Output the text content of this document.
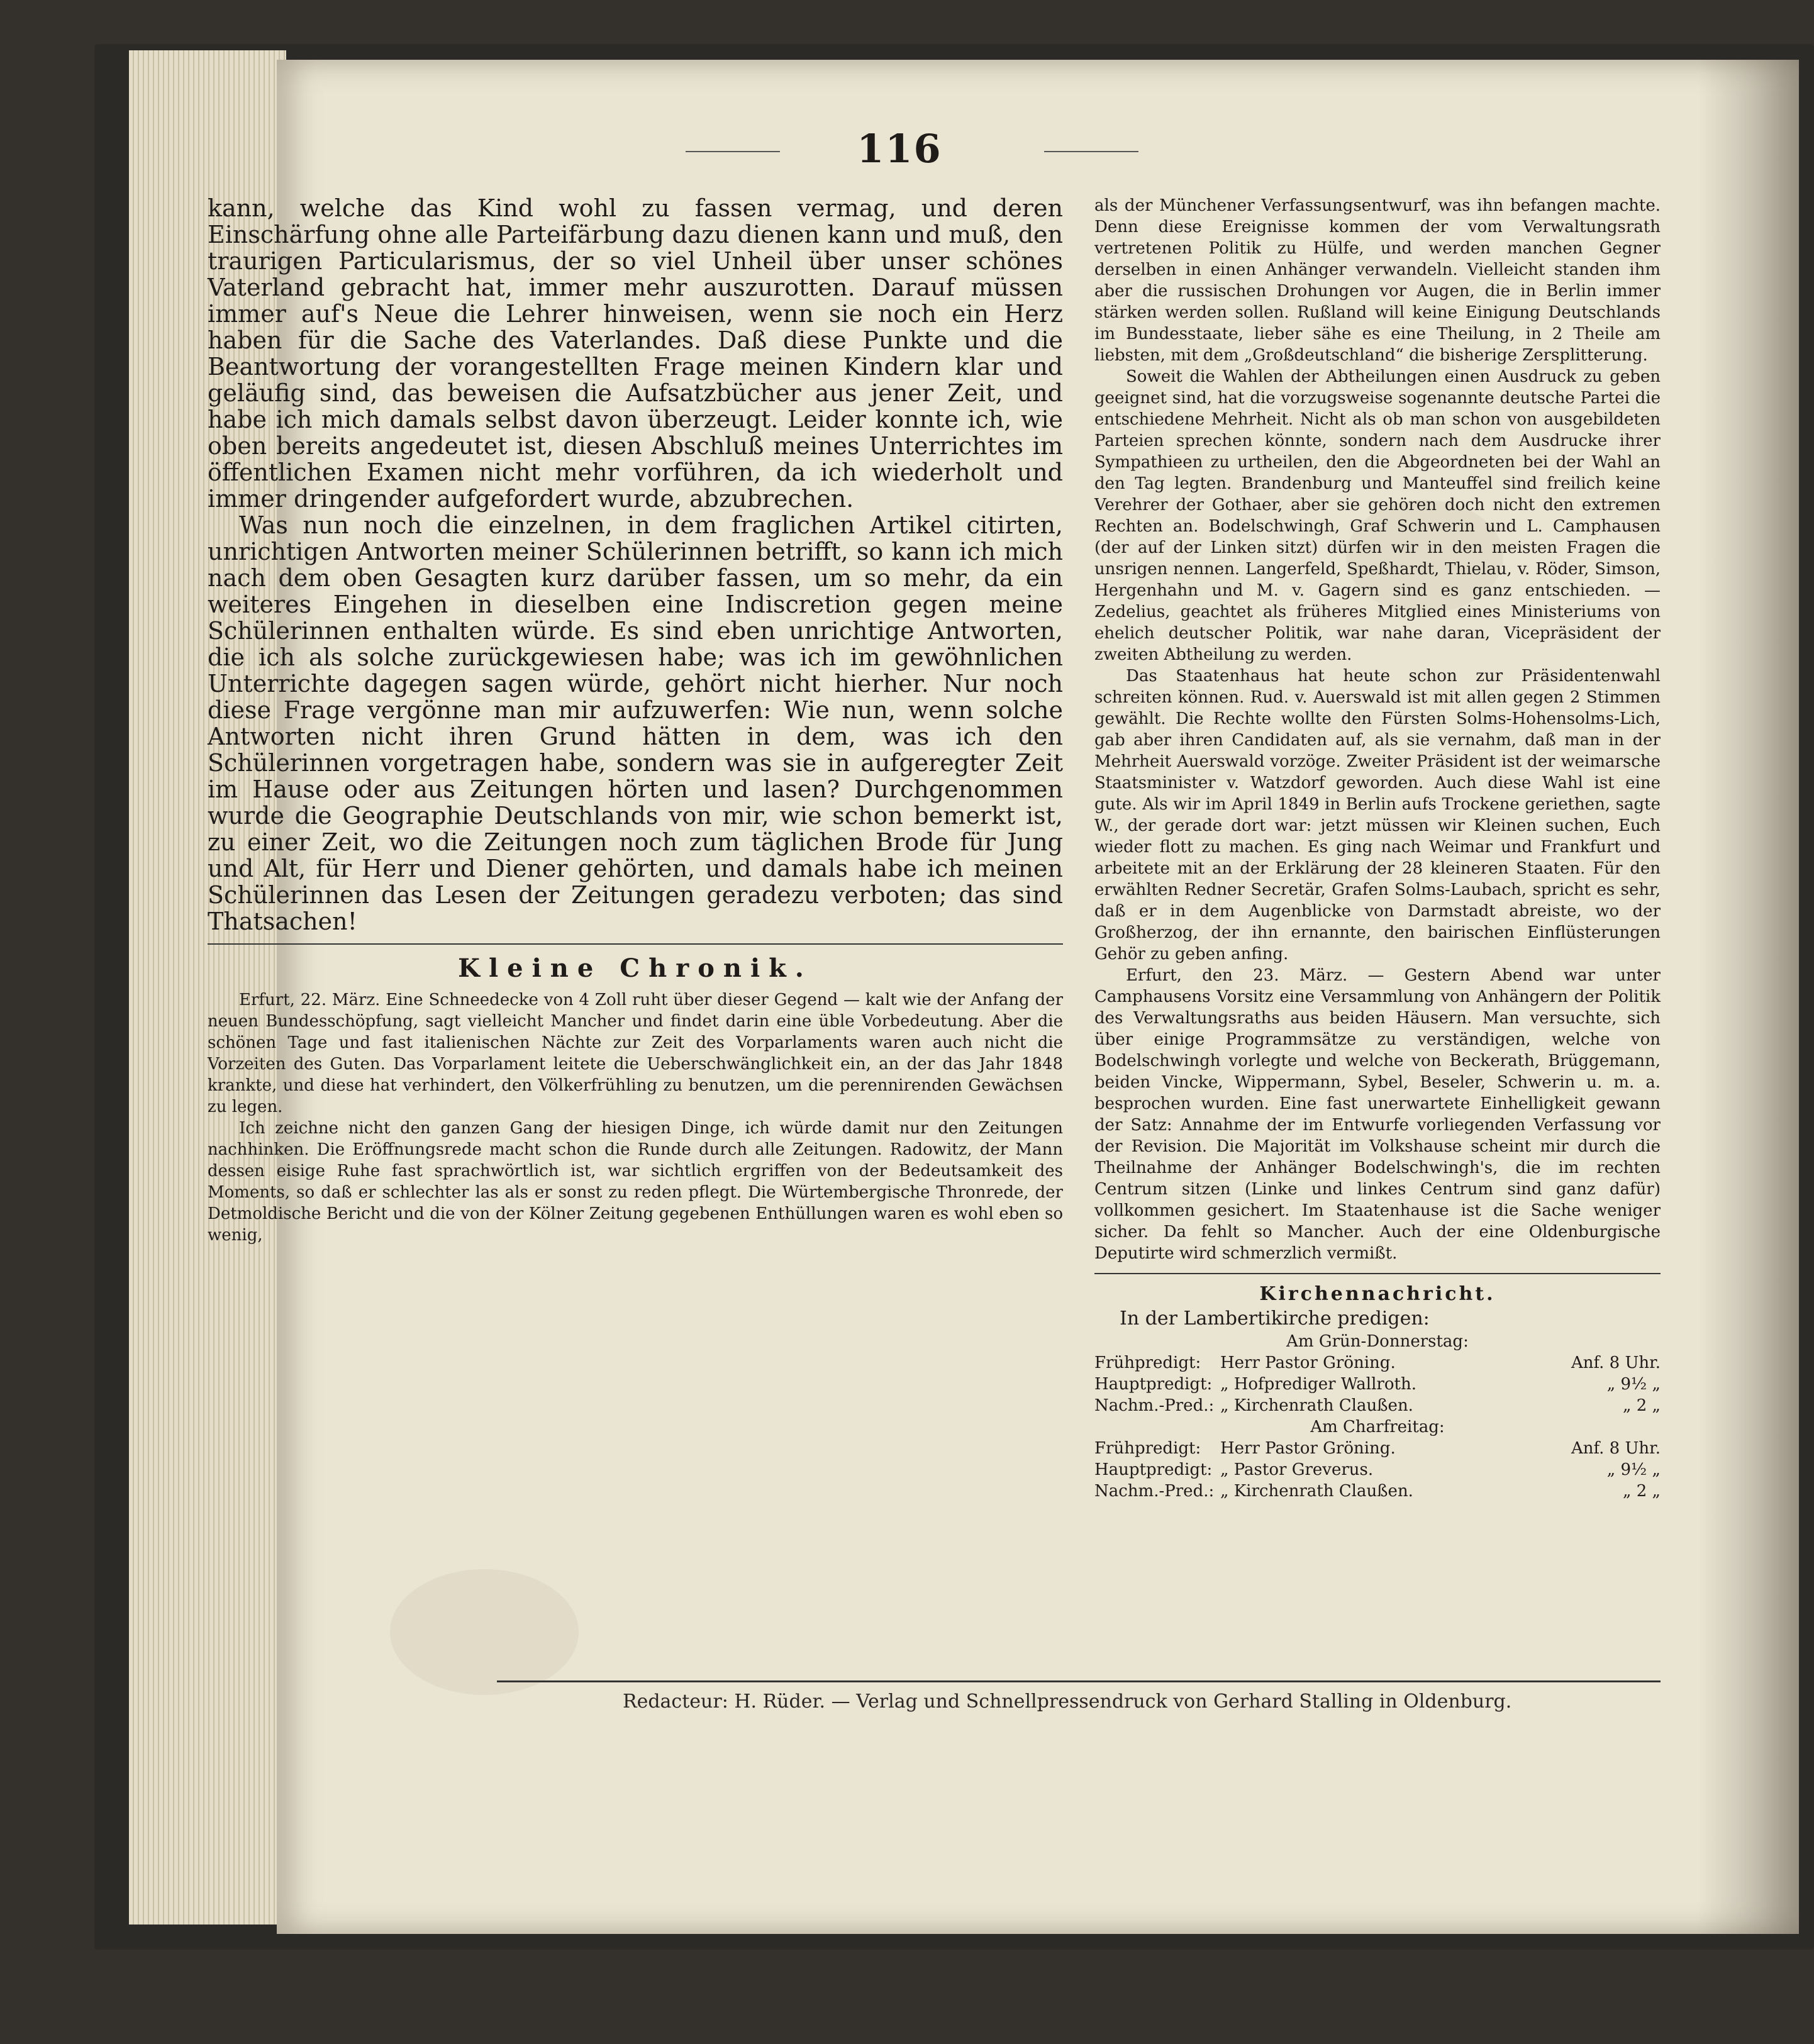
116

kann, welche das Kind wohl zu fassen vermag, und deren Einschärfung ohne alle Parteifärbung dazu dienen kann und muß, den traurigen Particularismus, der so viel Unheil über unser schönes Vaterland gebracht hat, immer mehr auszurotten. Darauf müssen immer auf's Neue die Lehrer hinweisen, wenn sie noch ein Herz haben für die Sache des Vaterlandes. Daß diese Punkte und die Beantwortung der vorangestellten Frage meinen Kindern klar und geläufig sind, das beweisen die Aufsatzbücher aus jener Zeit, und habe ich mich damals selbst davon überzeugt. Leider konnte ich, wie oben bereits angedeutet ist, diesen Abschluß meines Unterrichtes im öffentlichen Examen nicht mehr vorführen, da ich wiederholt und immer dringender aufgefordert wurde, abzubrechen.

Was nun noch die einzelnen, in dem fraglichen Artikel citirten, unrichtigen Antworten meiner Schülerinnen betrifft, so kann ich mich nach dem oben Gesagten kurz darüber fassen, um so mehr, da ein weiteres Eingehen in dieselben eine Indiscretion gegen meine Schülerinnen enthalten würde. Es sind eben unrichtige Antworten, die ich als solche zurückgewiesen habe; was ich im gewöhnlichen Unterrichte dagegen sagen würde, gehört nicht hierher. Nur noch diese Frage vergönne man mir aufzuwerfen: Wie nun, wenn solche Antworten nicht ihren Grund hätten in dem, was ich den Schülerinnen vorgetragen habe, sondern was sie in aufgeregter Zeit im Hause oder aus Zeitungen hörten und lasen? Durchgenommen wurde die Geographie Deutschlands von mir, wie schon bemerkt ist, zu einer Zeit, wo die Zeitungen noch zum täglichen Brode für Jung und Alt, für Herr und Diener gehörten, und damals habe ich meinen Schülerinnen das Lesen der Zeitungen geradezu verboten; das sind Thatsachen!

Kleine Chronik.

Erfurt, 22. März. Eine Schneedecke von 4 Zoll ruht über dieser Gegend — kalt wie der Anfang der neuen Bundesschöpfung, sagt vielleicht Mancher und findet darin eine üble Vorbedeutung. Aber die schönen Tage und fast italienischen Nächte zur Zeit des Vorparlaments waren auch nicht die Vorzeiten des Guten. Das Vorparlament leitete die Ueberschwänglichkeit ein, an der das Jahr 1848 krankte, und diese hat verhindert, den Völkerfrühling zu benutzen, um die perennirenden Gewächsen zu legen.

Ich zeichne nicht den ganzen Gang der hiesigen Dinge, ich würde damit nur den Zeitungen nachhinken. Die Eröffnungsrede macht schon die Runde durch alle Zeitungen. Radowitz, der Mann dessen eisige Ruhe fast sprachwörtlich ist, war sichtlich ergriffen von der Bedeutsamkeit des Moments, so daß er schlechter las als er sonst zu reden pflegt. Die Würtembergische Thronrede, der Detmoldische Bericht und die von der Kölner Zeitung gegebenen Enthüllungen waren es wohl eben so wenig,

als der Münchener Verfassungsentwurf, was ihn befangen machte. Denn diese Ereignisse kommen der vom Verwaltungsrath vertretenen Politik zu Hülfe, und werden manchen Gegner derselben in einen Anhänger verwandeln. Vielleicht standen ihm aber die russischen Drohungen vor Augen, die in Berlin immer stärken werden sollen. Rußland will keine Einigung Deutschlands im Bundesstaate, lieber sähe es eine Theilung, in 2 Theile am liebsten, mit dem „Großdeutschland“ die bisherige Zersplitterung.

Soweit die Wahlen der Abtheilungen einen Ausdruck zu geben geeignet sind, hat die vorzugsweise sogenannte deutsche Partei die entschiedene Mehrheit. Nicht als ob man schon von ausgebildeten Parteien sprechen könnte, sondern nach dem Ausdrucke ihrer Sympathieen zu urtheilen, den die Abgeordneten bei der Wahl an den Tag legten. Brandenburg und Manteuffel sind freilich keine Verehrer der Gothaer, aber sie gehören doch nicht den extremen Rechten an. Bodelschwingh, Graf Schwerin und L. Camphausen (der auf der Linken sitzt) dürfen wir in den meisten Fragen die unsrigen nennen. Langerfeld, Speßhardt, Thielau, v. Röder, Simson, Hergenhahn und M. v. Gagern sind es ganz entschieden. — Zedelius, geachtet als früheres Mitglied eines Ministeriums von ehelich deutscher Politik, war nahe daran, Vicepräsident der zweiten Abtheilung zu werden.

Das Staatenhaus hat heute schon zur Präsidentenwahl schreiten können. Rud. v. Auerswald ist mit allen gegen 2 Stimmen gewählt. Die Rechte wollte den Fürsten Solms-Hohensolms-Lich, gab aber ihren Candidaten auf, als sie vernahm, daß man in der Mehrheit Auerswald vorzöge. Zweiter Präsident ist der weimarsche Staatsminister v. Watzdorf geworden. Auch diese Wahl ist eine gute. Als wir im April 1849 in Berlin aufs Trockene geriethen, sagte W., der gerade dort war: jetzt müssen wir Kleinen suchen, Euch wieder flott zu machen. Es ging nach Weimar und Frankfurt und arbeitete mit an der Erklärung der 28 kleineren Staaten. Für den erwählten Redner Secretär, Grafen Solms-Laubach, spricht es sehr, daß er in dem Augenblicke von Darmstadt abreiste, wo der Großherzog, der ihn ernannte, den bairischen Einflüsterungen Gehör zu geben anfing.

Erfurt, den 23. März. — Gestern Abend war unter Camphausens Vorsitz eine Versammlung von Anhängern der Politik des Verwaltungsraths aus beiden Häusern. Man versuchte, sich über einige Programmsätze zu verständigen, welche von Bodelschwingh vorlegte und welche von Beckerath, Brüggemann, beiden Vincke, Wippermann, Sybel, Beseler, Schwerin u. m. a. besprochen wurden. Eine fast unerwartete Einhelligkeit gewann der Satz: Annahme der im Entwurfe vorliegenden Verfassung vor der Revision. Die Majorität im Volkshause scheint mir durch die Theilnahme der Anhänger Bodelschwingh's, die im rechten Centrum sitzen (Linke und linkes Centrum sind ganz dafür) vollkommen gesichert. Im Staatenhause ist die Sache weniger sicher. Da fehlt so Mancher. Auch der eine Oldenburgische Deputirte wird schmerzlich vermißt.

Kirchennachricht.
In der Lambertikirche predigen:
Am Grün-Donnerstag:
Frühpredigt:	Herr Pastor Gröning.	Anf. 8 Uhr.
Hauptpredigt: „ Hofprediger Wallroth.	„ 9½ „
Nachm.-Pred.: „ Kirchenrath Claußen.	„ 2 „
Am Charfreitag:
Frühpredigt:	Herr Pastor Gröning.	Anf. 8 Uhr.
Hauptpredigt: „ Pastor Greverus.	„ 9½ „
Nachm.-Pred.: „ Kirchenrath Claußen.	„ 2 „
Redacteur: H. Rüder. — Verlag und Schnellpressendruck von Gerhard Stalling in Oldenburg.
